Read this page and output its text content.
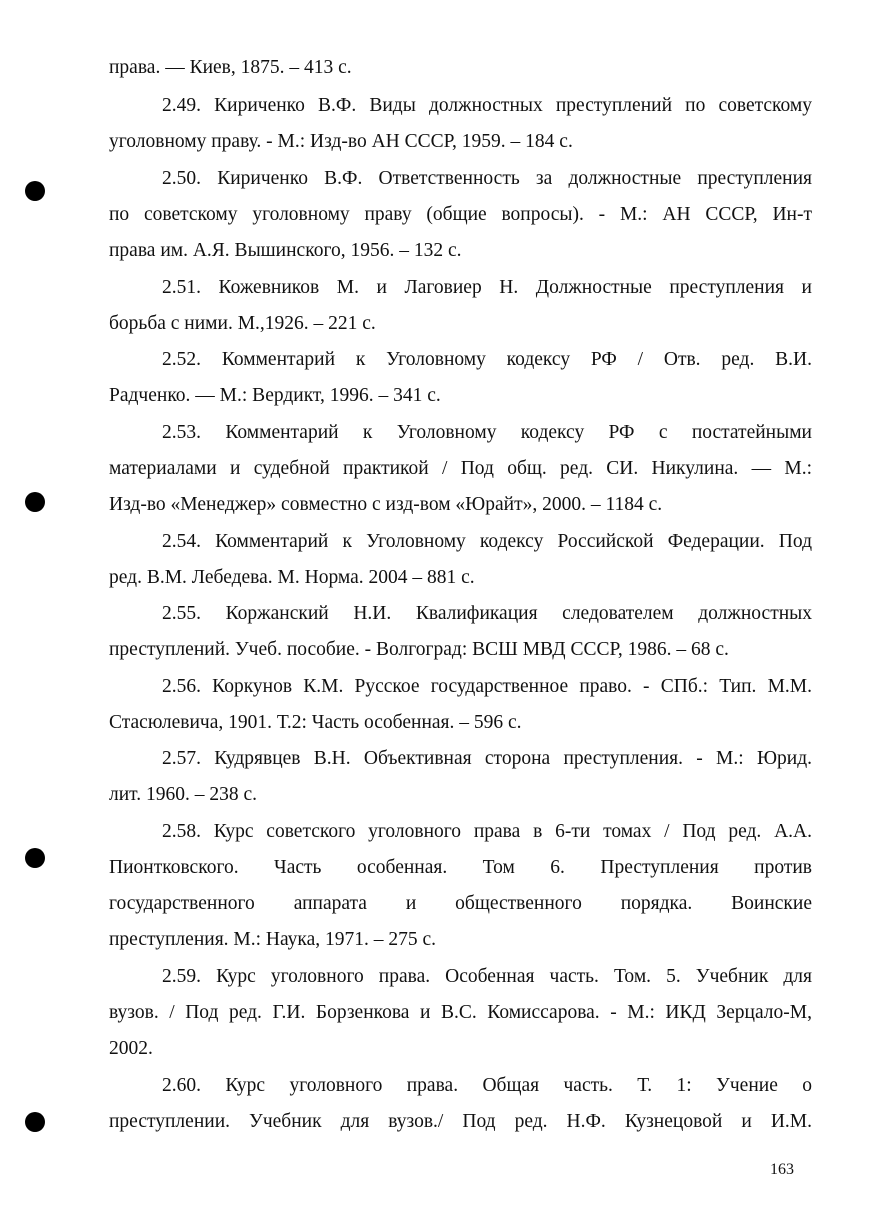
права. — Киев, 1875. – 413 с.
2.49. Кириченко В.Ф. Виды должностных преступлений по советскому
уголовному праву. - М.: Изд-во АН СССР, 1959. – 184 с.
2.50. Кириченко В.Ф. Ответственность за должностные преступления
по советскому уголовному праву (общие вопросы). - М.: АН СССР, Ин-т
права им. А.Я. Вышинского, 1956. – 132 с.
2.51. Кожевников М. и Лаговиер Н. Должностные преступления и
борьба с ними. М.,1926. – 221 с.
2.52. Комментарий к Уголовному кодексу РФ / Отв. ред. В.И.
Радченко. — М.: Вердикт, 1996. – 341 с.
2.53. Комментарий к Уголовному кодексу РФ с постатейными
материалами и судебной практикой / Под общ. ред. СИ. Никулина. — М.:
Изд-во «Менеджер» совместно с изд-вом «Юрайт», 2000. – 1184 с.
2.54. Комментарий к Уголовному кодексу Российской Федерации. Под
ред. В.М. Лебедева. М. Норма. 2004 – 881 с.
2.55. Коржанский Н.И. Квалификация следователем должностных
преступлений. Учеб. пособие. - Волгоград: ВСШ МВД СССР, 1986. – 68 с.
2.56. Коркунов К.М. Русское государственное право. - СПб.: Тип. М.М.
Стасюлевича, 1901. Т.2: Часть особенная. – 596 с.
2.57. Кудрявцев В.Н. Объективная сторона преступления. - М.: Юрид.
лит. 1960. – 238 с.
2.58. Курс советского уголовного права в 6-ти томах / Под ред. А.А.
Пионтковского. Часть особенная. Том 6. Преступления против
государственного аппарата и общественного порядка. Воинские
преступления. М.: Наука, 1971. – 275 с.
2.59. Курс уголовного права. Особенная часть. Том. 5. Учебник для
вузов. / Под ред. Г.И. Борзенкова и В.С. Комиссарова. - М.: ИКД Зерцало-М,
2002.
2.60. Курс уголовного права. Общая часть. Т. 1: Учение о
преступлении. Учебник для вузов./ Под ред. Н.Ф. Кузнецовой и И.М.
163
